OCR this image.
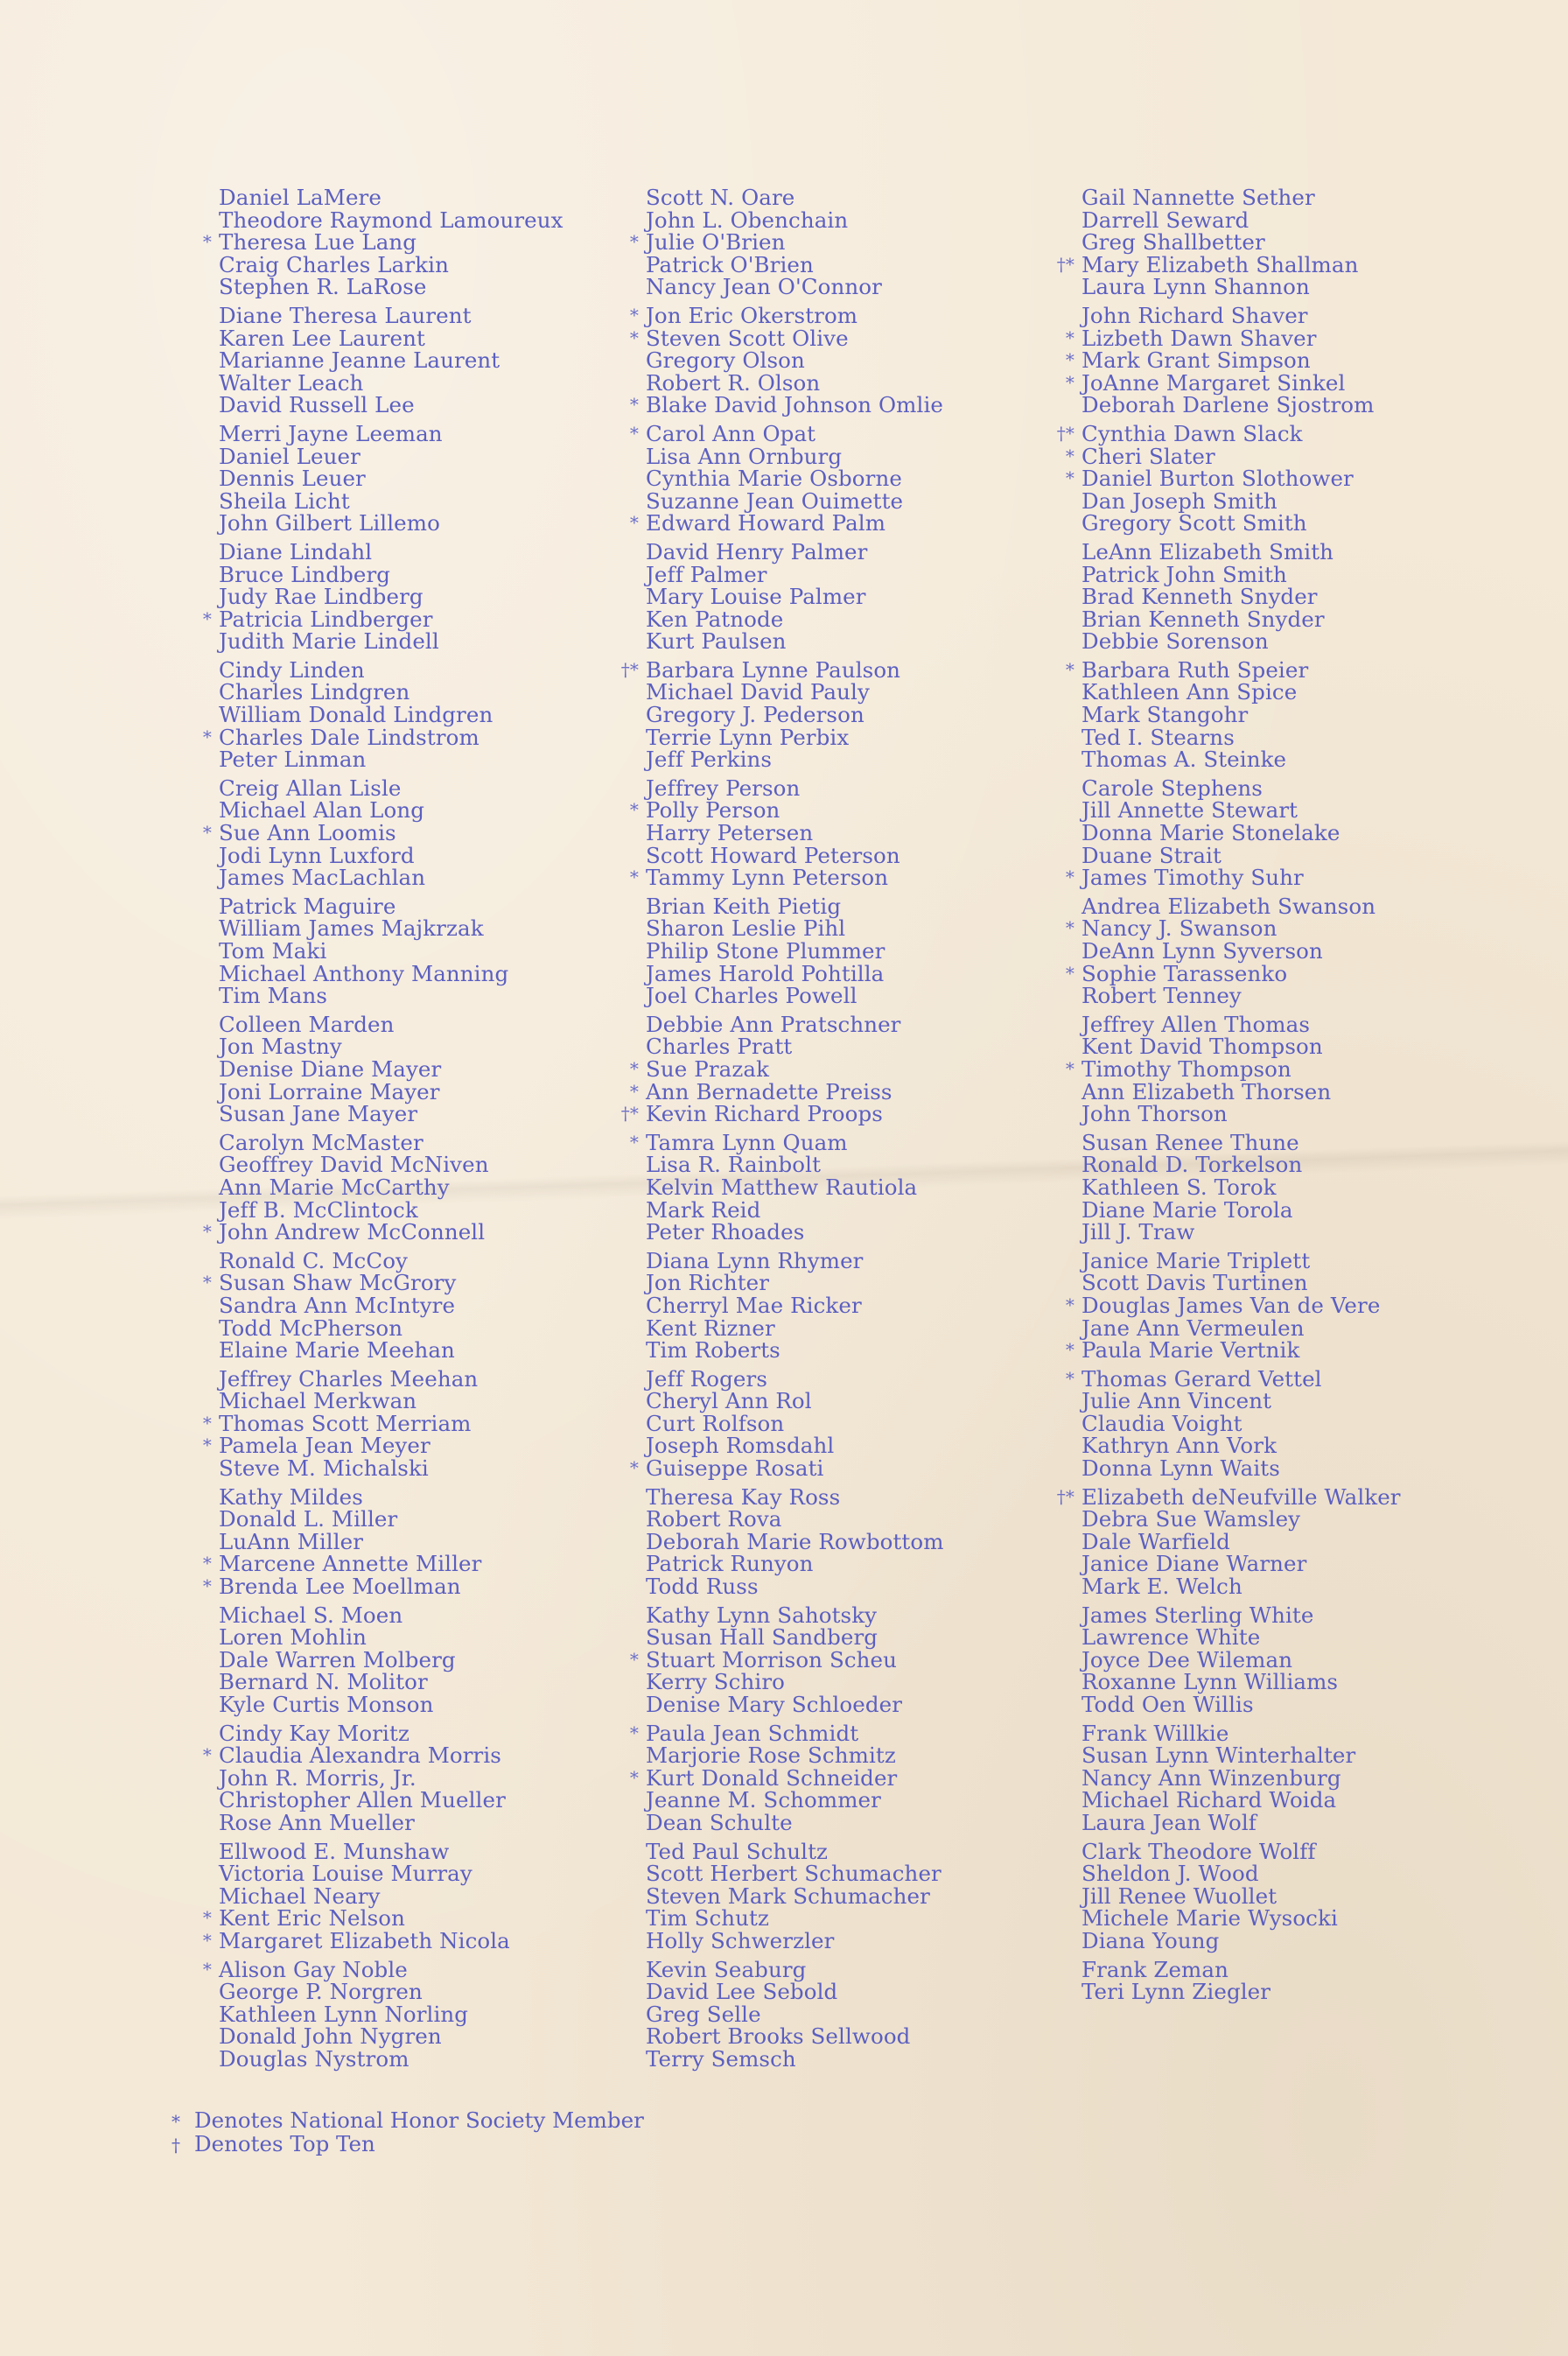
Daniel LaMere
Theodore Raymond Lamoureux
* Theresa Lue Lang
Craig Charles Larkin
Stephen R. LaRose
Diane Theresa Laurent
Karen Lee Laurent
Marianne Jeanne Laurent
Walter Leach
David Russell Lee
Merri Jayne Leeman
Daniel Leuer
Dennis Leuer
Sheila Licht
John Gilbert Lillemo
Diane Lindahl
Bruce Lindberg
Judy Rae Lindberg
* Patricia Lindberger
Judith Marie Lindell
Cindy Linden
Charles Lindgren
William Donald Lindgren
* Charles Dale Lindstrom
Peter Linman
Creig Allan Lisle
Michael Alan Long
* Sue Ann Loomis
Jodi Lynn Luxford
James MacLachlan
Patrick Maguire
William James Majkrzak
Tom Maki
Michael Anthony Manning
Tim Mans
Colleen Marden
Jon Mastny
Denise Diane Mayer
Joni Lorraine Mayer
Susan Jane Mayer
Carolyn McMaster
Geoffrey David McNiven
Ann Marie McCarthy
Jeff B. McClintock
* John Andrew McConnell
Ronald C. McCoy
* Susan Shaw McGrory
Sandra Ann McIntyre
Todd McPherson
Elaine Marie Meehan
Jeffrey Charles Meehan
Michael Merkwan
* Thomas Scott Merriam
* Pamela Jean Meyer
Steve M. Michalski
Kathy Mildes
Donald L. Miller
LuAnn Miller
* Marcene Annette Miller
* Brenda Lee Moellman
Michael S. Moen
Loren Mohlin
Dale Warren Molberg
Bernard N. Molitor
Kyle Curtis Monson
Cindy Kay Moritz
* Claudia Alexandra Morris
John R. Morris, Jr.
Christopher Allen Mueller
Rose Ann Mueller
Ellwood E. Munshaw
Victoria Louise Murray
Michael Neary
* Kent Eric Nelson
* Margaret Elizabeth Nicola
* Alison Gay Noble
George P. Norgren
Kathleen Lynn Norling
Donald John Nygren
Douglas Nystrom
Scott N. Oare
John L. Obenchain
* Julie O'Brien
Patrick O'Brien
Nancy Jean O'Connor
* Jon Eric Okerstrom
* Steven Scott Olive
Gregory Olson
Robert R. Olson
* Blake David Johnson Omlie
* Carol Ann Opat
Lisa Ann Ornburg
Cynthia Marie Osborne
Suzanne Jean Ouimette
* Edward Howard Palm
David Henry Palmer
Jeff Palmer
Mary Louise Palmer
Ken Patnode
Kurt Paulsen
†* Barbara Lynne Paulson
Michael David Pauly
Gregory J. Pederson
Terrie Lynn Perbix
Jeff Perkins
Jeffrey Person
* Polly Person
Harry Petersen
Scott Howard Peterson
* Tammy Lynn Peterson
Brian Keith Pietig
Sharon Leslie Pihl
Philip Stone Plummer
James Harold Pohtilla
Joel Charles Powell
Debbie Ann Pratschner
Charles Pratt
* Sue Prazak
* Ann Bernadette Preiss
†* Kevin Richard Proops
* Tamra Lynn Quam
Lisa R. Rainbolt
Kelvin Matthew Rautiola
Mark Reid
Peter Rhoades
Diana Lynn Rhymer
Jon Richter
Cherryl Mae Ricker
Kent Rizner
Tim Roberts
Jeff Rogers
Cheryl Ann Rol
Curt Rolfson
Joseph Romsdahl
* Guiseppe Rosati
Theresa Kay Ross
Robert Rova
Deborah Marie Rowbottom
Patrick Runyon
Todd Russ
Kathy Lynn Sahotsky
Susan Hall Sandberg
* Stuart Morrison Scheu
Kerry Schiro
Denise Mary Schloeder
* Paula Jean Schmidt
Marjorie Rose Schmitz
* Kurt Donald Schneider
Jeanne M. Schommer
Dean Schulte
Ted Paul Schultz
Scott Herbert Schumacher
Steven Mark Schumacher
Tim Schutz
Holly Schwerzler
Kevin Seaburg
David Lee Sebold
Greg Selle
Robert Brooks Sellwood
Terry Semsch
Gail Nannette Sether
Darrell Seward
Greg Shallbetter
†* Mary Elizabeth Shallman
Laura Lynn Shannon
John Richard Shaver
* Lizbeth Dawn Shaver
* Mark Grant Simpson
* JoAnne Margaret Sinkel
Deborah Darlene Sjostrom
†* Cynthia Dawn Slack
* Cheri Slater
* Daniel Burton Slothower
Dan Joseph Smith
Gregory Scott Smith
LeAnn Elizabeth Smith
Patrick John Smith
Brad Kenneth Snyder
Brian Kenneth Snyder
Debbie Sorenson
* Barbara Ruth Speier
Kathleen Ann Spice
Mark Stangohr
Ted I. Stearns
Thomas A. Steinke
Carole Stephens
Jill Annette Stewart
Donna Marie Stonelake
Duane Strait
* James Timothy Suhr
Andrea Elizabeth Swanson
* Nancy J. Swanson
DeAnn Lynn Syverson
* Sophie Tarassenko
Robert Tenney
Jeffrey Allen Thomas
Kent David Thompson
* Timothy Thompson
Ann Elizabeth Thorsen
John Thorson
Susan Renee Thune
Ronald D. Torkelson
Kathleen S. Torok
Diane Marie Torola
Jill J. Traw
Janice Marie Triplett
Scott Davis Turtinen
* Douglas James Van de Vere
Jane Ann Vermeulen
* Paula Marie Vertnik
* Thomas Gerard Vettel
Julie Ann Vincent
Claudia Voight
Kathryn Ann Vork
Donna Lynn Waits
†* Elizabeth deNeufville Walker
Debra Sue Wamsley
Dale Warfield
Janice Diane Warner
Mark E. Welch
James Sterling White
Lawrence White
Joyce Dee Wileman
Roxanne Lynn Williams
Todd Oen Willis
Frank Willkie
Susan Lynn Winterhalter
Nancy Ann Winzenburg
Michael Richard Woida
Laura Jean Wolf
Clark Theodore Wolff
Sheldon J. Wood
Jill Renee Wuollet
Michele Marie Wysocki
Diana Young
Frank Zeman
Teri Lynn Ziegler
* Denotes National Honor Society Member
† Denotes Top Ten
